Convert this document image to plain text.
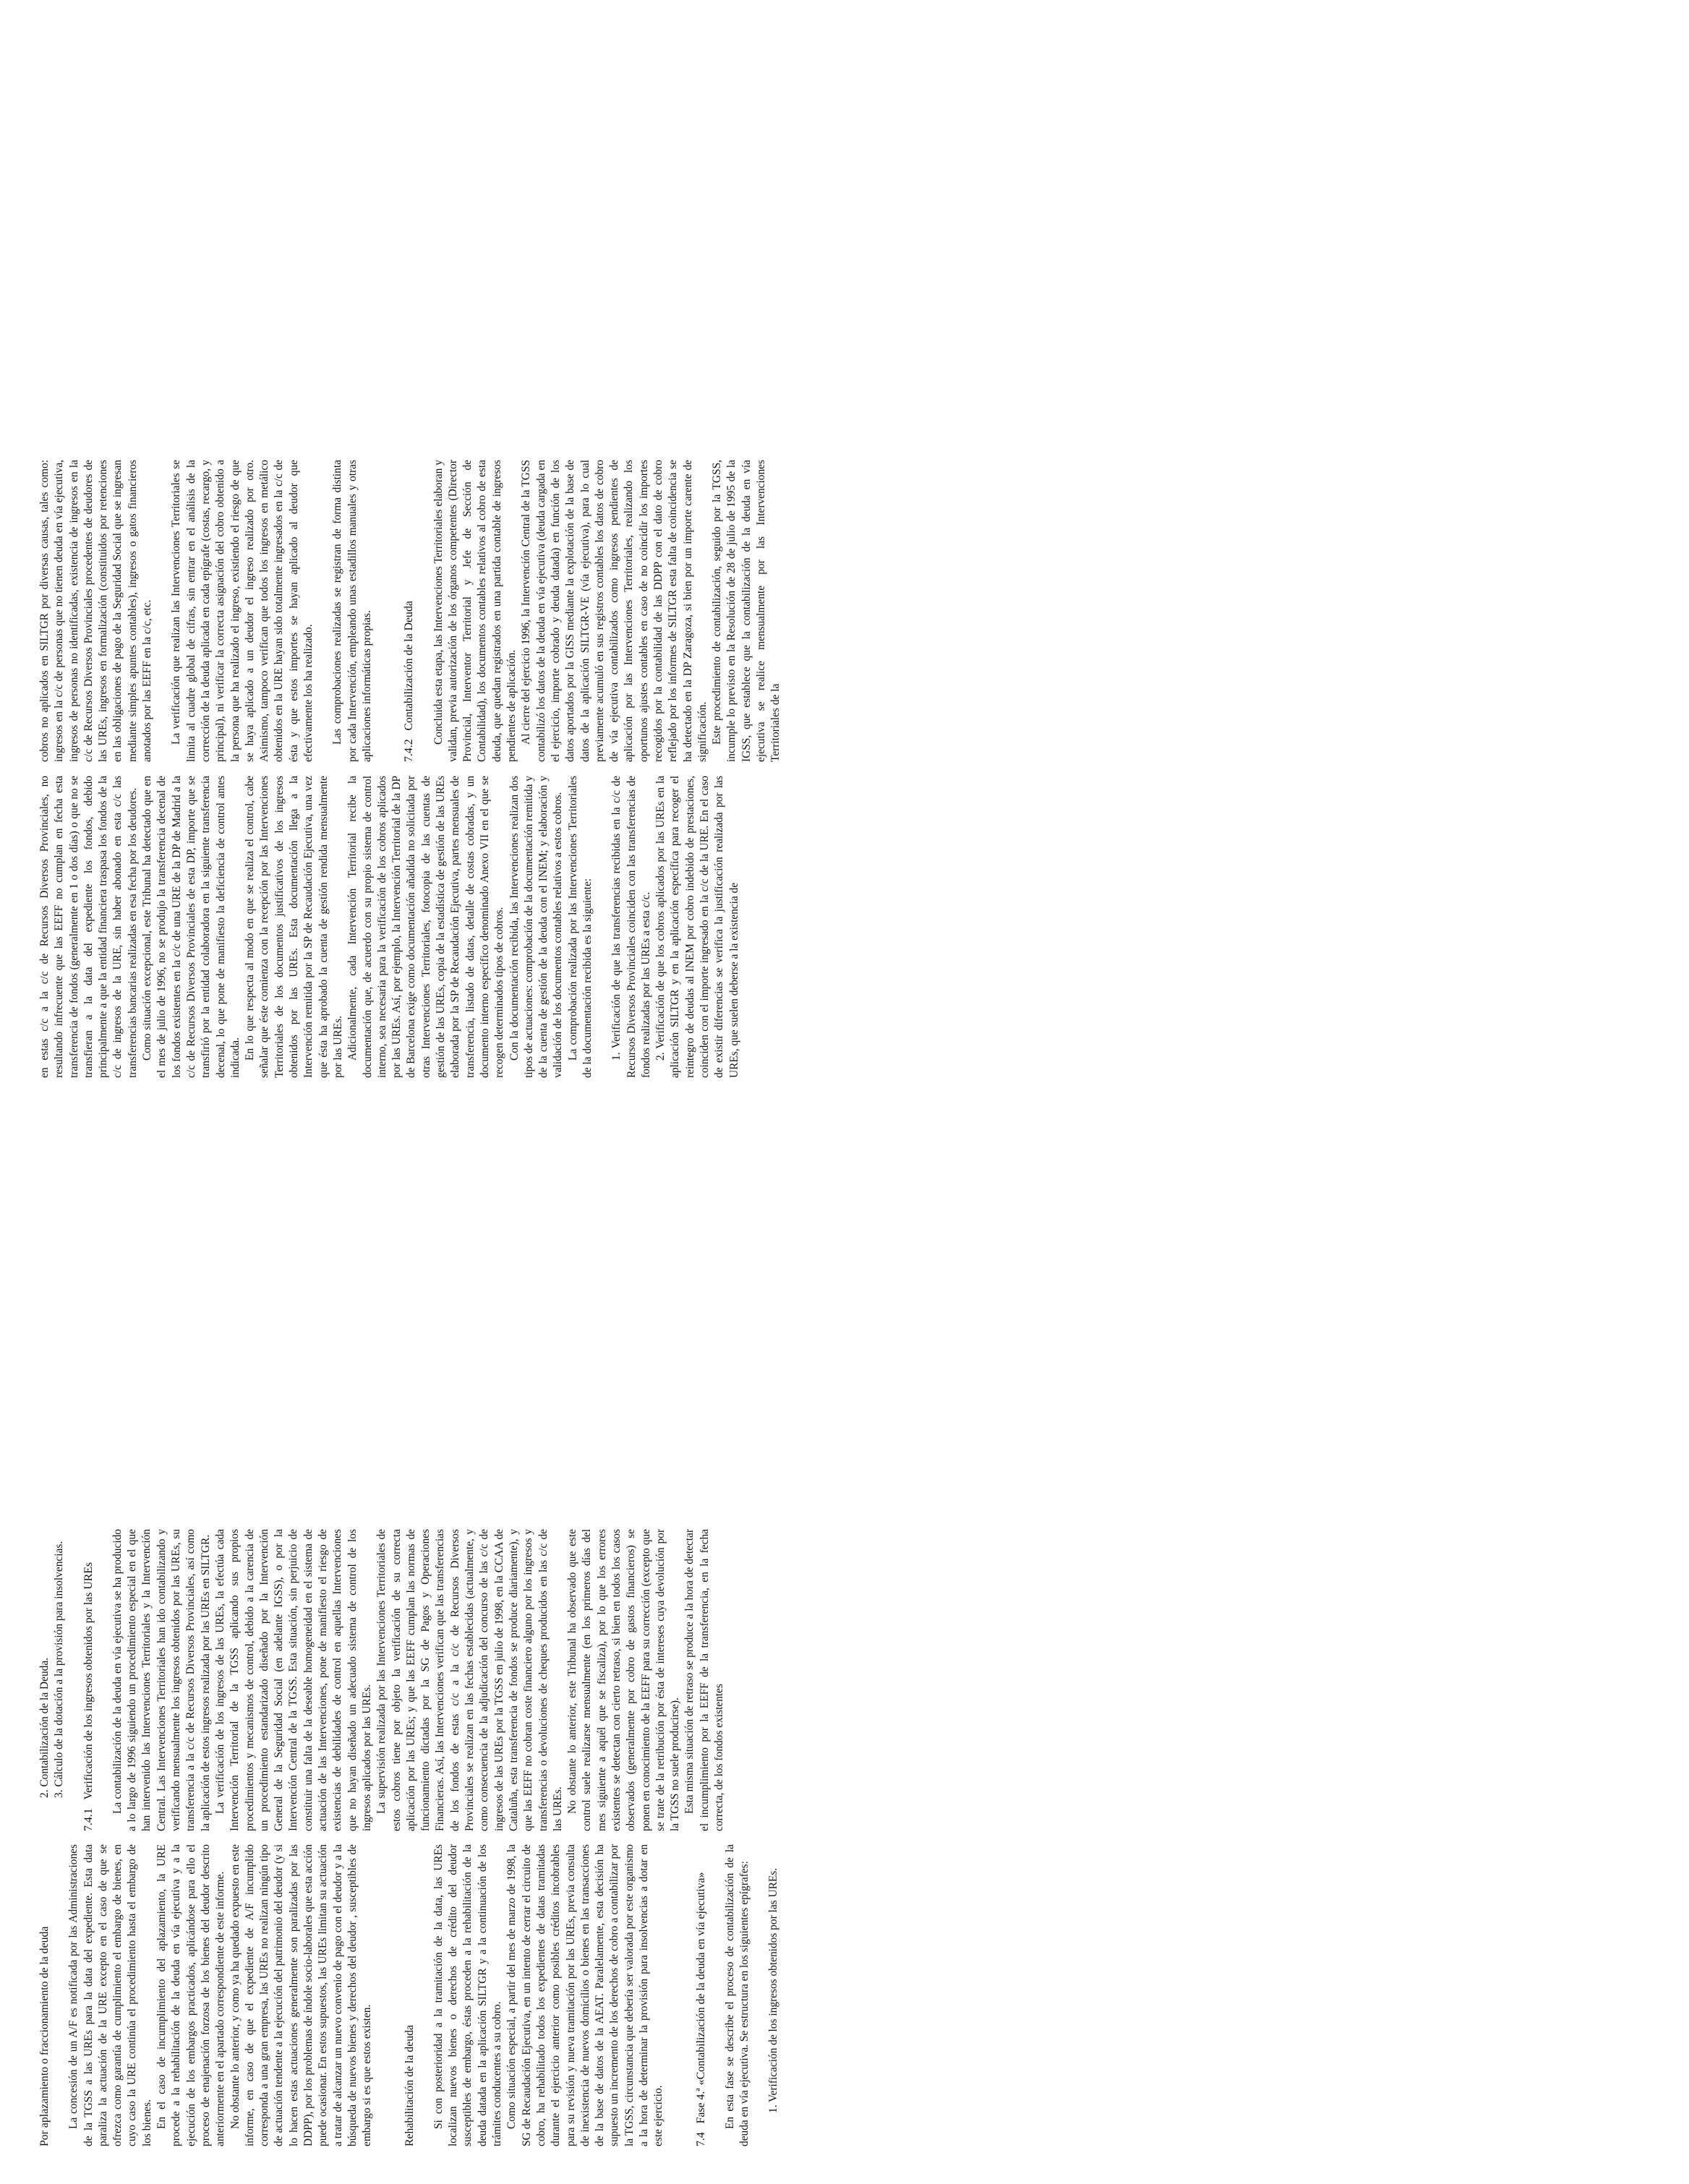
Por aplazamiento o fraccionamiento de la deuda La concesión de un A/F es notificada por las Administraciones de la TGSS a las UREs para la data del expediente. Esta data paraliza la actuación de la URE excepto en el caso de que se ofrezca como garantía de cumplimiento el embargo de bienes, en cuyo caso la URE continúa el procedimiento hasta el embargo de los bienes. En el caso de incumplimiento del aplazamiento, la URE procede a la rehabilitación de la deuda en vía ejecutiva y a la ejecución de los embargos practicados, aplicándose para ello el proceso de enajenación forzosa de los bienes del deudor descrito anteriormente en el apartado correspondiente de este informe. No obstante lo anterior, y como ya ha quedado expuesto en este informe, en caso de que el expediente de A/F incumplido corresponda a una gran empresa, las UREs no realizan ningún tipo de actuación tendente a la ejecución del patrimonio del deudor (y si lo hacen estas actuaciones generalmente son paralizadas por las DDPP), por los problemas de índole socio-laborales que esta acción puede ocasionar. En estos supuestos, las UREs limitan su actuación a tratar de alcanzar un nuevo convenio de pago con el deudor y a la búsqueda de nuevos bienes y derechos del deudor , susceptibles de embargo si es que estos existen.	Rehabilitación de la deuda Si con posterioridad a la tramitación de la data, las UREs localizan nuevos bienes o derechos de crédito del deudor susceptibles de embargo, éstas proceden a la rehabilitación de la deuda datada en la aplicación SILTGR y a la continuación de los trámites conducentes a su cobro. Como situación especial, a partir del mes de marzo de 1998, la SG de Recaudación Ejecutiva, en un intento de cerrar el circuito de cobro, ha rehabilitado todos los expedientes de datas tramitadas durante el ejercicio anterior como posibles créditos incobrables para su revisión y nueva tramitación por las UREs, previa consulta de inexistencia de nuevos domicilios o bienes en las transacciones de la base de datos de la AEAT. Paralelamente, esta decisión ha supuesto un incremento de los derechos de cobro a contabilizar por la TGSS, circunstancia que debería ser valorada por este organismo a la hora de determinar la provisión para insolvencias a dotar en este ejercicio.	7.4   Fase 4.ª «Contabilización de la deuda en vía ejecutiva» En esta fase se describe el proceso de contabilización de la deuda en vía ejecutiva. Se estructura en los siguientes epígrafes: 1. Verificación de los ingresos obtenidos por las UREs.

2. Contabilización de la Deuda. 3. Cálculo de la dotación a la provisión para insolvencias.

7.4.1   Verificación de los ingresos obtenidos por las UREs La contabilización de la deuda en vía ejecutiva se ha producido a lo largo de 1996 siguiendo un procedimiento especial en el que han intervenido las Intervenciones Territoriales y la Intervención Central. Las Intervenciones Territoriales han ido contabilizando y verificando mensualmente los ingresos obtenidos por las UREs, su transferencia a la c/c de Recursos Diversos Provinciales, así como la aplicación de estos ingresos realizada por las UREs en SILTGR. La verificación de los ingresos de las UREs, la efectúa cada Intervención Territorial de la TGSS aplicando sus propios procedimientos y mecanismos de control, debido a la carencia de un procedimiento estandarizado diseñado por la Intervención General de la Seguridad Social (en adelante IGSS), o por la Intervención Central de la TGSS. Esta situación, sin perjuicio de constituir una falta de la deseable homogeneidad en el sistema de actuación de las Intervenciones, pone de manifiesto el riesgo de existencias de debilidades de control en aquellas Intervenciones que no hayan diseñado un adecuado sistema de control de los ingresos aplicados por las UREs. La supervisión realizada por las Intervenciones Territoriales de estos cobros tiene por objeto la verificación de su correcta aplicación por las UREs; y que las EEFF cumplan las normas de funcionamiento dictadas por la SG de Pagos y Operaciones Financieras. Así, las Intervenciones verifican que las transferencias de los fondos de estas c/c a la c/c de Recursos Diversos Provinciales se realizan en las fechas establecidas (actualmente, y como consecuencia de la adjudicación del concurso de las c/c de ingresos de las UREs por la TGSS en julio de 1998, en la CCAA de Cataluña, esta transferencia de fondos se produce diariamente), y que las EEFF no cobran coste financiero alguno por los ingresos y transferencias o devoluciones de cheques producidos en las c/c de las UREs. No obstante lo anterior, este Tribunal ha observado que este control suele realizarse mensualmente (en los primeros días del mes siguiente a aquél que se fiscaliza), por lo que los errores existentes se detectan con cierto retraso, si bien en todos los casos observados (generalmente por cobro de gastos financieros) se ponen en conocimiento de la EEFF para su corrección (excepto que se trate de la retribución por ésta de intereses cuya devolución por la TGSS no suele producirse). Esta misma situación de retraso se produce a la hora de detectar el incumplimiento por la EEFF de la transferencia, en la fecha correcta, de los fondos existentes

en estas c/c a la c/c de Recursos Diversos Provinciales, no resultando infrecuente que las EEFF no cumplan en fecha esta transferencia de fondos (generalmente en 1 o dos días) o que no se transfieran a la data del expediente los fondos, debido principalmente a que la entidad financiera traspasa los fondos de la c/c de ingresos de la URE, sin haber abonado en esta c/c las transferencias bancarias realizadas en esa fecha por los deudores. Como situación excepcional, este Tribunal ha detectado que en el mes de julio de 1996, no se produjo la transferencia decenal de los fondos existentes en la c/c de una URE de la DP de Madrid a la c/c de Recursos Diversos Provinciales de esta DP, importe que se transfirió por la entidad colaboradora en la siguiente transferencia decenal, lo que pone de manifiesto la deficiencia de control antes indicada. En lo que respecta al modo en que se realiza el control, cabe señalar que éste comienza con la recepción por las Intervenciones Territoriales de los documentos justificativos de los ingresos obtenidos por las UREs. Esta documentación llega a la Intervención remitida por la SP de Recaudación Ejecutiva, una vez que ésta ha aprobado la cuenta de gestión rendida mensualmente por las UREs. Adicionalmente, cada Intervención Territorial recibe la documentación que, de acuerdo con su propio sistema de control interno, sea necesaria para la verificación de los cobros aplicados por las UREs. Así, por ejemplo, la Intervención Territorial de la DP de Barcelona exige como documentación añadida no solicitada por otras Intervenciones Territoriales, fotocopia de las cuentas de gestión de las UREs, copia de la estadística de gestión de las UREs elaborada por la SP de Recaudación Ejecutiva, partes mensuales de transferencia, listado de datas, detalle de costas cobradas, y un documento interno específico denominado Anexo VII en el que se recogen determinados tipos de cobros. Con la documentación recibida, las Intervenciones realizan dos tipos de actuaciones: comprobación de la documentación remitida y de la cuenta de gestión de la deuda con el INEM; y elaboración y validación de los documentos contables relativos a estos cobros. La comprobación realizada por las Intervenciones Territoriales de la documentación recibida es la siguiente: 1. Verificación de que las transferencias recibidas en la c/c de Recursos Diversos Provinciales coinciden con las transferencias de fondos realizadas por las UREs a esta c/c. 2. Verificación de que los cobros aplicados por las UREs en la aplicación SILTGR y en la aplicación específica para recoger el reintegro de deudas al INEM por cobro indebido de prestaciones, coinciden con el importe ingresado en la c/c de la URE. En el caso de existir diferencias se verifica la justificación realizada por las UREs, que suelen deberse a la existencia de

cobros no aplicados en SILTGR por diversas causas, tales como: ingresos en la c/c de personas que no tienen deuda en vía ejecutiva, ingresos de personas no identificadas, existencia de ingresos en la c/c de Recursos Diversos Provinciales procedentes de deudores de las UREs, ingresos en formalización (constituidos por retenciones en las obligaciones de pago de la Seguridad Social que se ingresan mediante simples apuntes contables), ingresos o gatos financieros anotados por las EEFF en la c/c, etc. La verificación que realizan las Intervenciones Territoriales se limita al cuadre global de cifras, sin entrar en el análisis de la corrección de la deuda aplicada en cada epígrafe (costas, recargo, y principal), ni verificar la correcta asignación del cobro obtenido a la persona que ha realizado el ingreso, existiendo el riesgo de que se haya aplicado a un deudor el ingreso realizado por otro. Asimismo, tampoco verifican que todos los ingresos en metálico obtenidos en la URE hayan sido totalmente ingresados en la c/c de ésta y que estos importes se hayan aplicado al deudor que efectivamente los ha realizado. Las comprobaciones realizadas se registran de forma distinta por cada Intervención, empleando unas estadillos manuales y otras aplicaciones informáticas propias.	7.4.2   Contabilización de la Deuda Concluida esta etapa, las Intervenciones Territoriales elaboran y validan, previa autorización de los órganos competentes (Director Provincial, Interventor Territorial y Jefe de Sección de Contabilidad), los documentos contables relativos al cobro de esta deuda, que quedan registrados en una partida contable de ingresos pendientes de aplicación. Al cierre del ejercicio 1996, la Intervención Central de la TGSS contabilizó los datos de la deuda en vía ejecutiva (deuda cargada en el ejercicio, importe cobrado y deuda datada) en función de los datos aportados por la GISS mediante la explotación de la base de datos de la aplicación SILTGR-VE (vía ejecutiva), para lo cual previamente acumuló en sus registros contables los datos de cobro de vía ejecutiva contabilizados como ingresos pendientes de aplicación por las Intervenciones Territoriales, realizando los oportunos ajustes contables en caso de no coincidir los importes recogidos por la contabilidad de las DDPP con el dato de cobro reflejado por los informes de SILTGR esta falta de coincidencia se ha detectado en la DP Zaragoza, si bien por un importe carente de significación. Este procedimiento de contabilización, seguido por la TGSS, incumple lo previsto en la Resolución de 28 de julio de 1995 de la IGSS, que establece que la contabilización de la deuda en vía ejecutiva se realice mensualmente por las Intervenciones Territoriales de la
